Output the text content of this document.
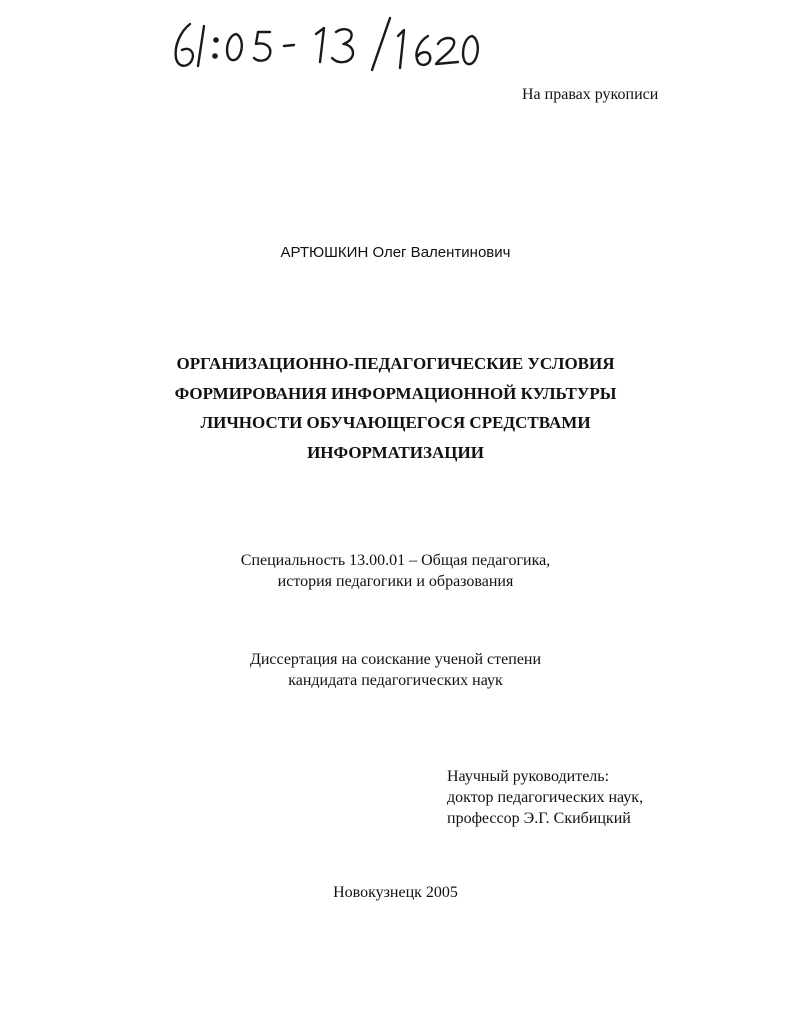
На правах рукописи
АРТЮШКИН Олег Валентинович
ОРГАНИЗАЦИОННО-ПЕДАГОГИЧЕСКИЕ УСЛОВИЯ
ФОРМИРОВАНИЯ ИНФОРМАЦИОННОЙ КУЛЬТУРЫ
ЛИЧНОСТИ ОБУЧАЮЩЕГОСЯ СРЕДСТВАМИ
ИНФОРМАТИЗАЦИИ
Специальность 13.00.01 – Общая педагогика,
история педагогики и образования
Диссертация на соискание ученой степени
кандидата педагогических наук
Научный руководитель:
доктор педагогических наук,
профессор Э.Г. Скибицкий
Новокузнецк 2005
